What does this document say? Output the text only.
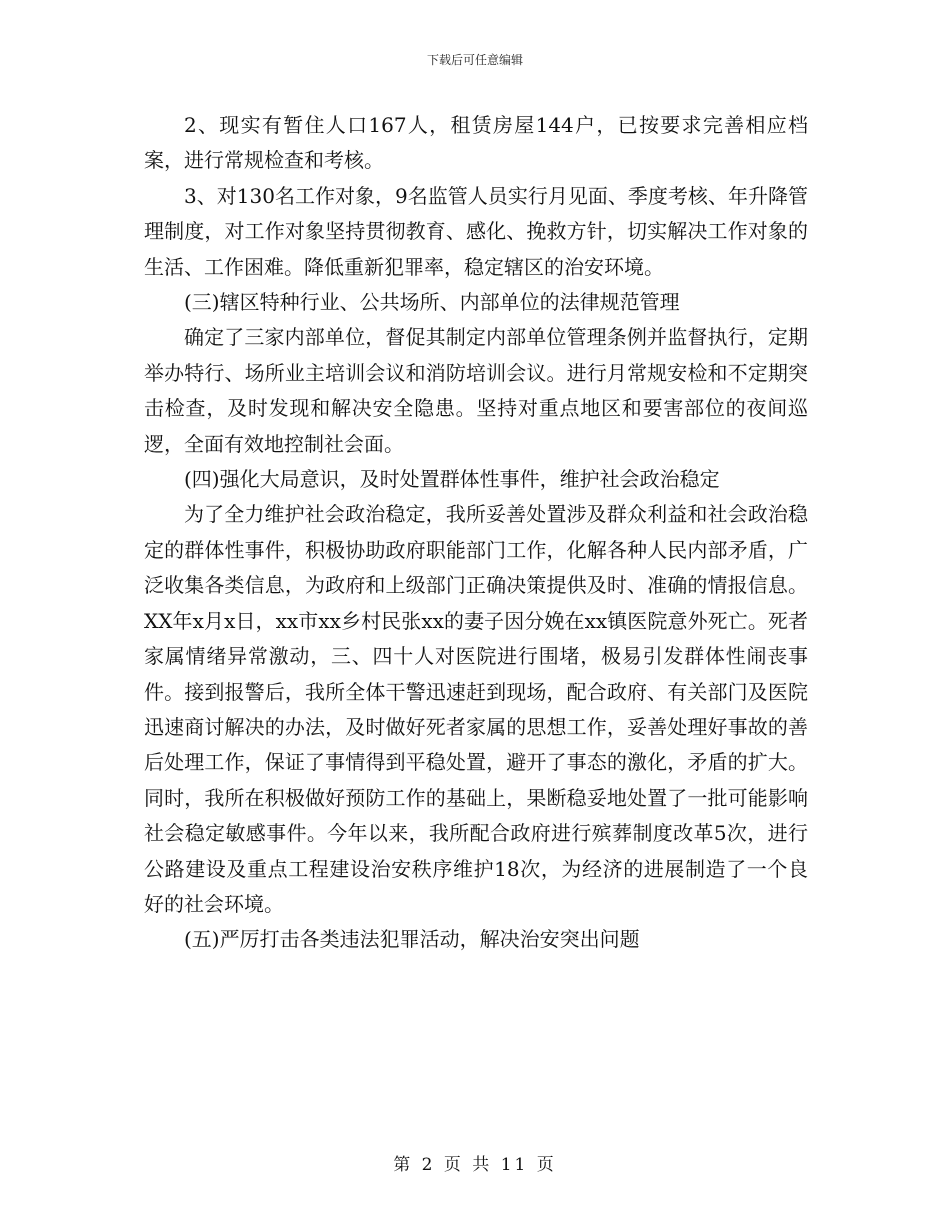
下载后可任意编辑

2、现实有暂住人口167人，租赁房屋144户，已按要求完善相应档案，进行常规检查和考核。

3、对130名工作对象，9名监管人员实行月见面、季度考核、年升降管理制度，对工作对象坚持贯彻教育、感化、挽救方针，切实解决工作对象的生活、工作困难。降低重新犯罪率，稳定辖区的治安环境。

(三)辖区特种行业、公共场所、内部单位的法律规范管理

确定了三家内部单位，督促其制定内部单位管理条例并监督执行，定期举办特行、场所业主培训会议和消防培训会议。进行月常规安检和不定期突击检查，及时发现和解决安全隐患。坚持对重点地区和要害部位的夜间巡逻，全面有效地控制社会面。

(四)强化大局意识，及时处置群体性事件，维护社会政治稳定

为了全力维护社会政治稳定，我所妥善处置涉及群众利益和社会政治稳定的群体性事件，积极协助政府职能部门工作，化解各种人民内部矛盾，广泛收集各类信息，为政府和上级部门正确决策提供及时、准确的情报信息。XX年x月x日，xx市xx乡村民张xx的妻子因分娩在xx镇医院意外死亡。死者家属情绪异常激动，三、四十人对医院进行围堵，极易引发群体性闹丧事件。接到报警后，我所全体干警迅速赶到现场，配合政府、有关部门及医院迅速商讨解决的办法，及时做好死者家属的思想工作，妥善处理好事故的善后处理工作，保证了事情得到平稳处置，避开了事态的激化，矛盾的扩大。同时，我所在积极做好预防工作的基础上，果断稳妥地处置了一批可能影响社会稳定敏感事件。今年以来，我所配合政府进行殡葬制度改革5次，进行公路建设及重点工程建设治安秩序维护18次，为经济的进展制造了一个良好的社会环境。

(五)严厉打击各类违法犯罪活动，解决治安突出问题

第 2 页 共 11 页
